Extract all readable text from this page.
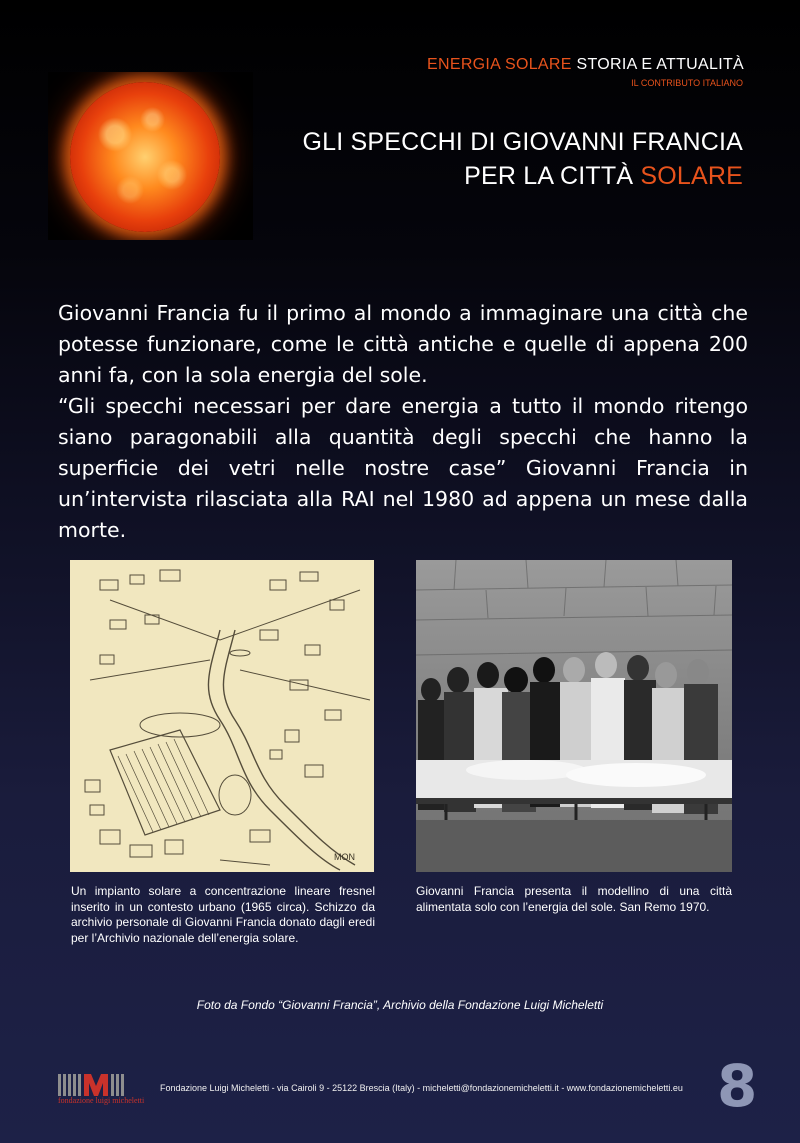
ENERGIA SOLARE STORIA E ATTUALITÀ
IL CONTRIBUTO ITALIANO
GLI SPECCHI DI GIOVANNI FRANCIA
PER LA CITTÀ SOLARE

Giovanni Francia fu il primo al mondo a immaginare una città che potesse funzionare, come le città antiche e quelle di appena 200 anni fa, con la sola energia del sole.

“Gli specchi necessari per dare energia a tutto il mondo ritengo siano paragonabili alla quantità degli specchi che hanno la superficie dei vetri nelle nostre case” Giovanni Francia in un’intervista rilasciata alla RAI nel 1980 ad appena un mese dalla morte.

MON
Un impianto solare a concentrazione lineare fresnel inserito in un contesto urbano (1965 circa). Schizzo da archivio personale di Giovanni Francia donato dagli eredi per l’Archivio nazionale dell’energia solare.
Giovanni Francia presenta il modellino di una città alimentata solo con l’energia del sole. San Remo 1970.
Foto da Fondo “Giovanni Francia”, Archivio della Fondazione Luigi Micheletti
fondazione luigi micheletti
Fondazione Luigi Micheletti - via Cairoli 9 - 25122 Brescia (Italy) - micheletti@fondazionemicheletti.it - www.fondazionemicheletti.eu 8
